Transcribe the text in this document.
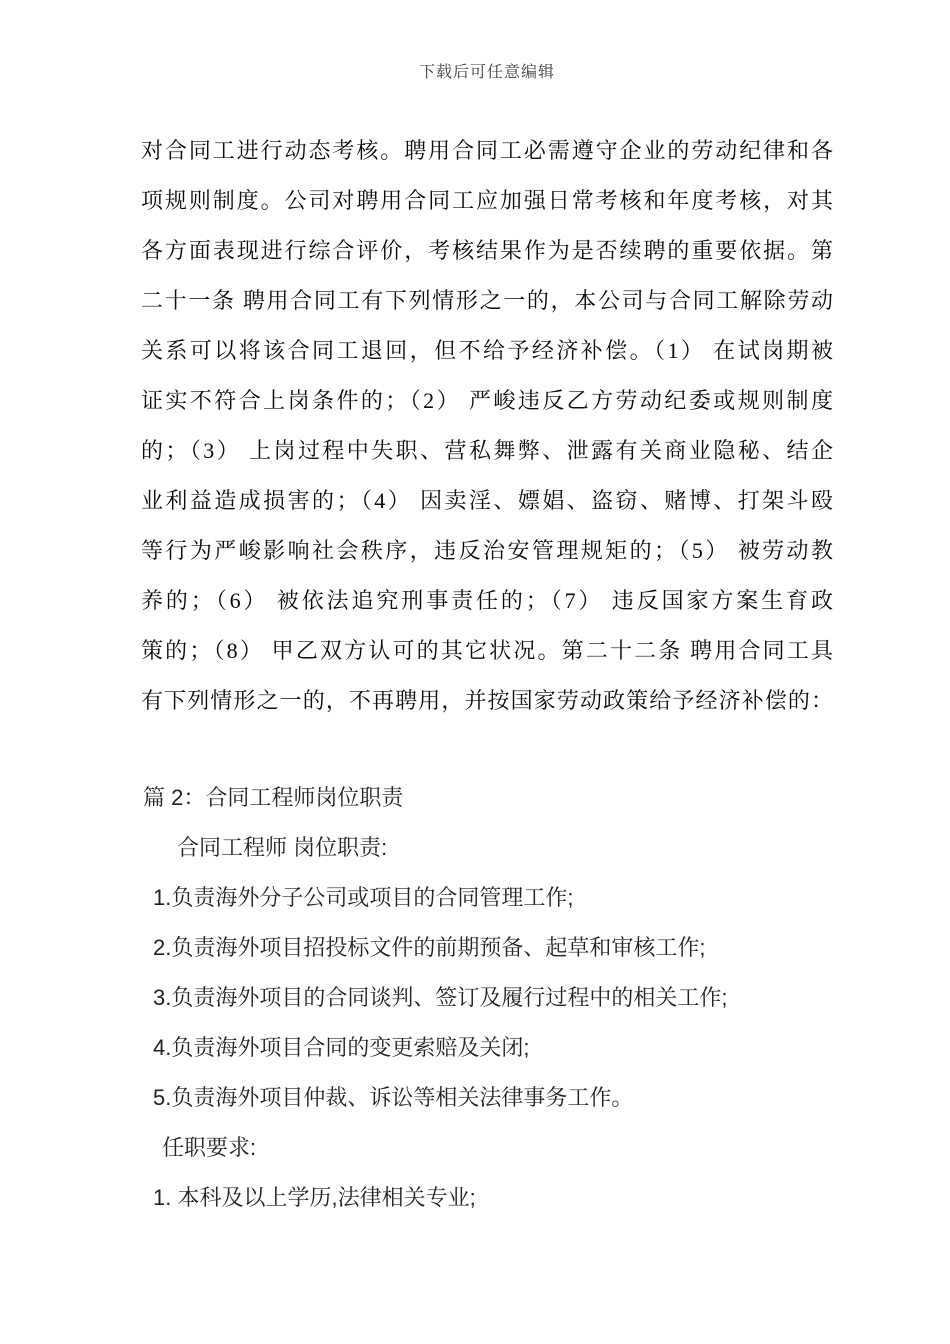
下载后可任意编辑
对合同工进行动态考核。聘用合同工必需遵守企业的劳动纪律和各
项规则制度。公司对聘用合同工应加强日常考核和年度考核，对其
各方面表现进行综合评价，考核结果作为是否续聘的重要依据。第
二十一条 聘用合同工有下列情形之一的，本公司与合同工解除劳动
关系可以将该合同工退回，但不给予经济补偿。（1） 在试岗期被
证实不符合上岗条件的；（2） 严峻违反乙方劳动纪委或规则制度
的；（3） 上岗过程中失职、营私舞弊、泄露有关商业隐秘、结企
业利益造成损害的；（4） 因卖淫、嫖娼、盗窃、赌博、打架斗殴
等行为严峻影响社会秩序，违反治安管理规矩的；（5） 被劳动教
养的；（6） 被依法追究刑事责任的；（7） 违反国家方案生育政
策的；（8） 甲乙双方认可的其它状况。第二十二条 聘用合同工具
有下列情形之一的，不再聘用，并按国家劳动政策给予经济补偿的：
篇 2：合同工程师岗位职责
合同工程师 岗位职责:
1.负责海外分子公司或项目的合同管理工作;
2.负责海外项目招投标文件的前期预备、起草和审核工作;
3.负责海外项目的合同谈判、签订及履行过程中的相关工作;
4.负责海外项目合同的变更索赔及关闭;
5.负责海外项目仲裁、诉讼等相关法律事务工作。
任职要求:
1. 本科及以上学历,法律相关专业;
